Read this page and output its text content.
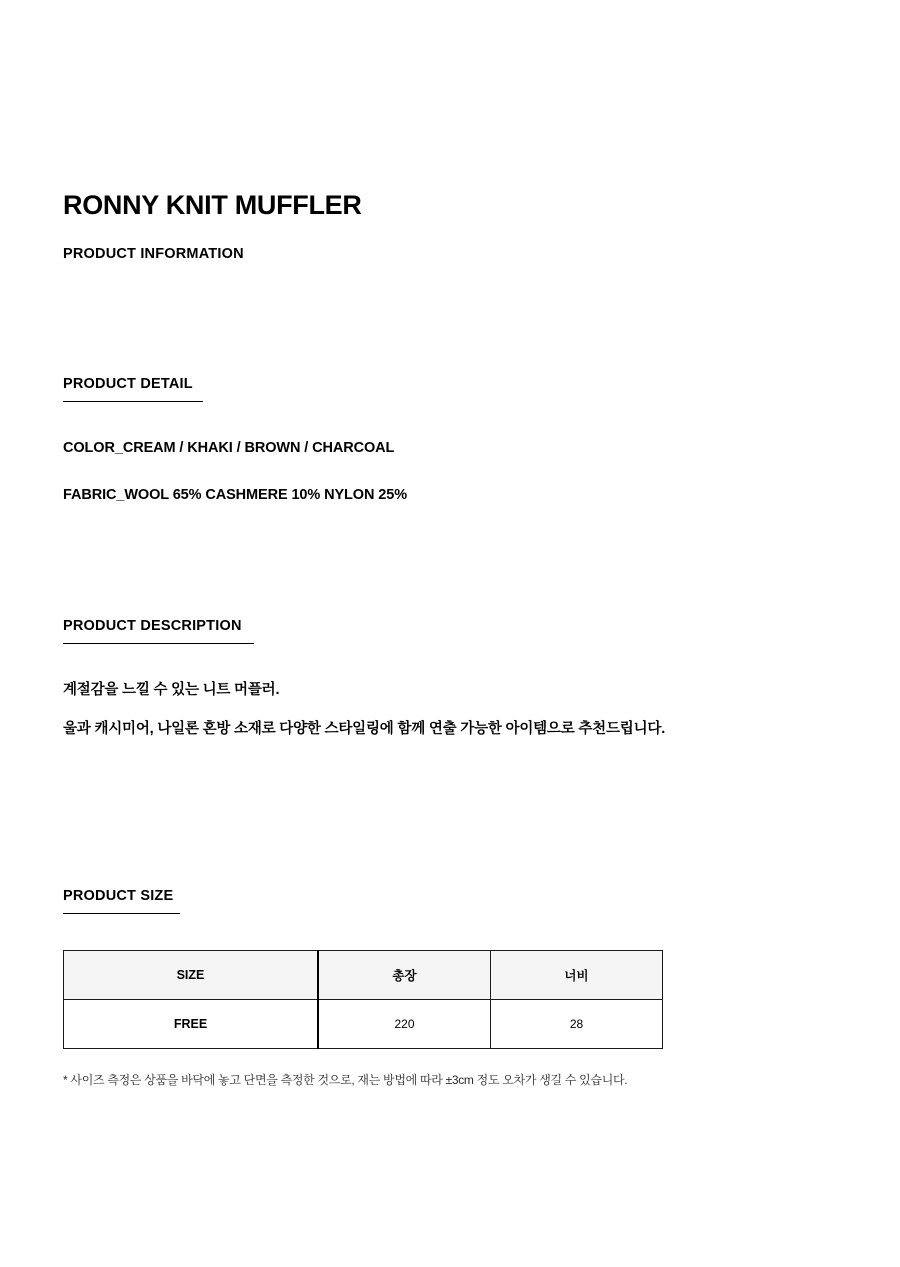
RONNY KNIT MUFFLER
PRODUCT INFORMATION
PRODUCT DETAIL
COLOR_CREAM / KHAKI / BROWN / CHARCOAL
FABRIC_WOOL 65% CASHMERE 10% NYLON 25%
PRODUCT DESCRIPTION
계절감을 느낄 수 있는 니트 머플러.
울과 캐시미어, 나일론 혼방 소재로 다양한 스타일링에 함께 연출 가능한 아이템으로 추천드립니다.
PRODUCT SIZE
SIZE	총장	너비
FREE	220	28
* 사이즈 측정은 상품을 바닥에 놓고 단면을 측정한 것으로, 재는 방법에 따라 ±3cm 정도 오차가 생길 수 있습니다.
